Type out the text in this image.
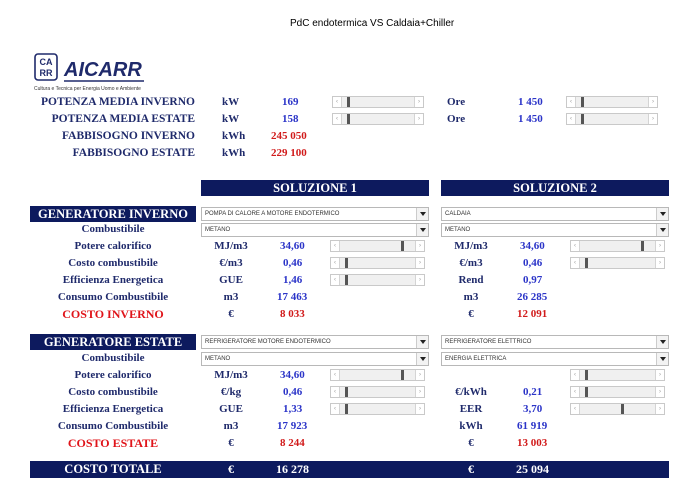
PdC endotermica VS Caldaia+Chiller
CA
RR AICARR
Cultura e Tecnica per Energia Uomo e Ambiente
POTENZA MEDIA INVERNO kW	169	‹	› Ore	1 450	‹	›
POTENZA MEDIA ESTATE kW	158	‹	› Ore	1 450	‹	›
FABBISOGNO INVERNO kWh 245 050
FABBISOGNO ESTATE kWh 229 100
SOLUZIONE 1	SOLUZIONE 2
GENERATORE INVERNO	POMPA DI CALORE A MOTORE ENDOTERMICO	CALDAIA
Combustibile	METANO	METANO
Potere calorifico	MJ/m3	34,60	‹	›	MJ/m3	34,60	‹	›
Costo combustibile	€/m3	0,46	‹	›	€/m3	0,46	‹	›
Efficienza Energetica	GUE	1,46	‹	›	Rend	0,97
Consumo Combustibile	m3	17 463	m3	26 285
COSTO INVERNO	€	8 033	€	12 091
GENERATORE ESTATE	REFRIGERATORE MOTORE ENDOTERMICO	REFRIGERATORE ELETTRICO
Combustibile	METANO	ENERGIA ELETTRICA
Potere calorifico	MJ/m3	34,60	‹	›	‹	›
Costo combustibile	€/kg	0,46	‹	›	€/kWh	0,21	‹	›
Efficienza Energetica	GUE	1,33	‹	›	EER	3,70	‹	›
Consumo Combustibile	m3	17 923	kWh	61 919
COSTO ESTATE	€	8 244	€	13 003
COSTO TOTALE	€	16 278	€	25 094
